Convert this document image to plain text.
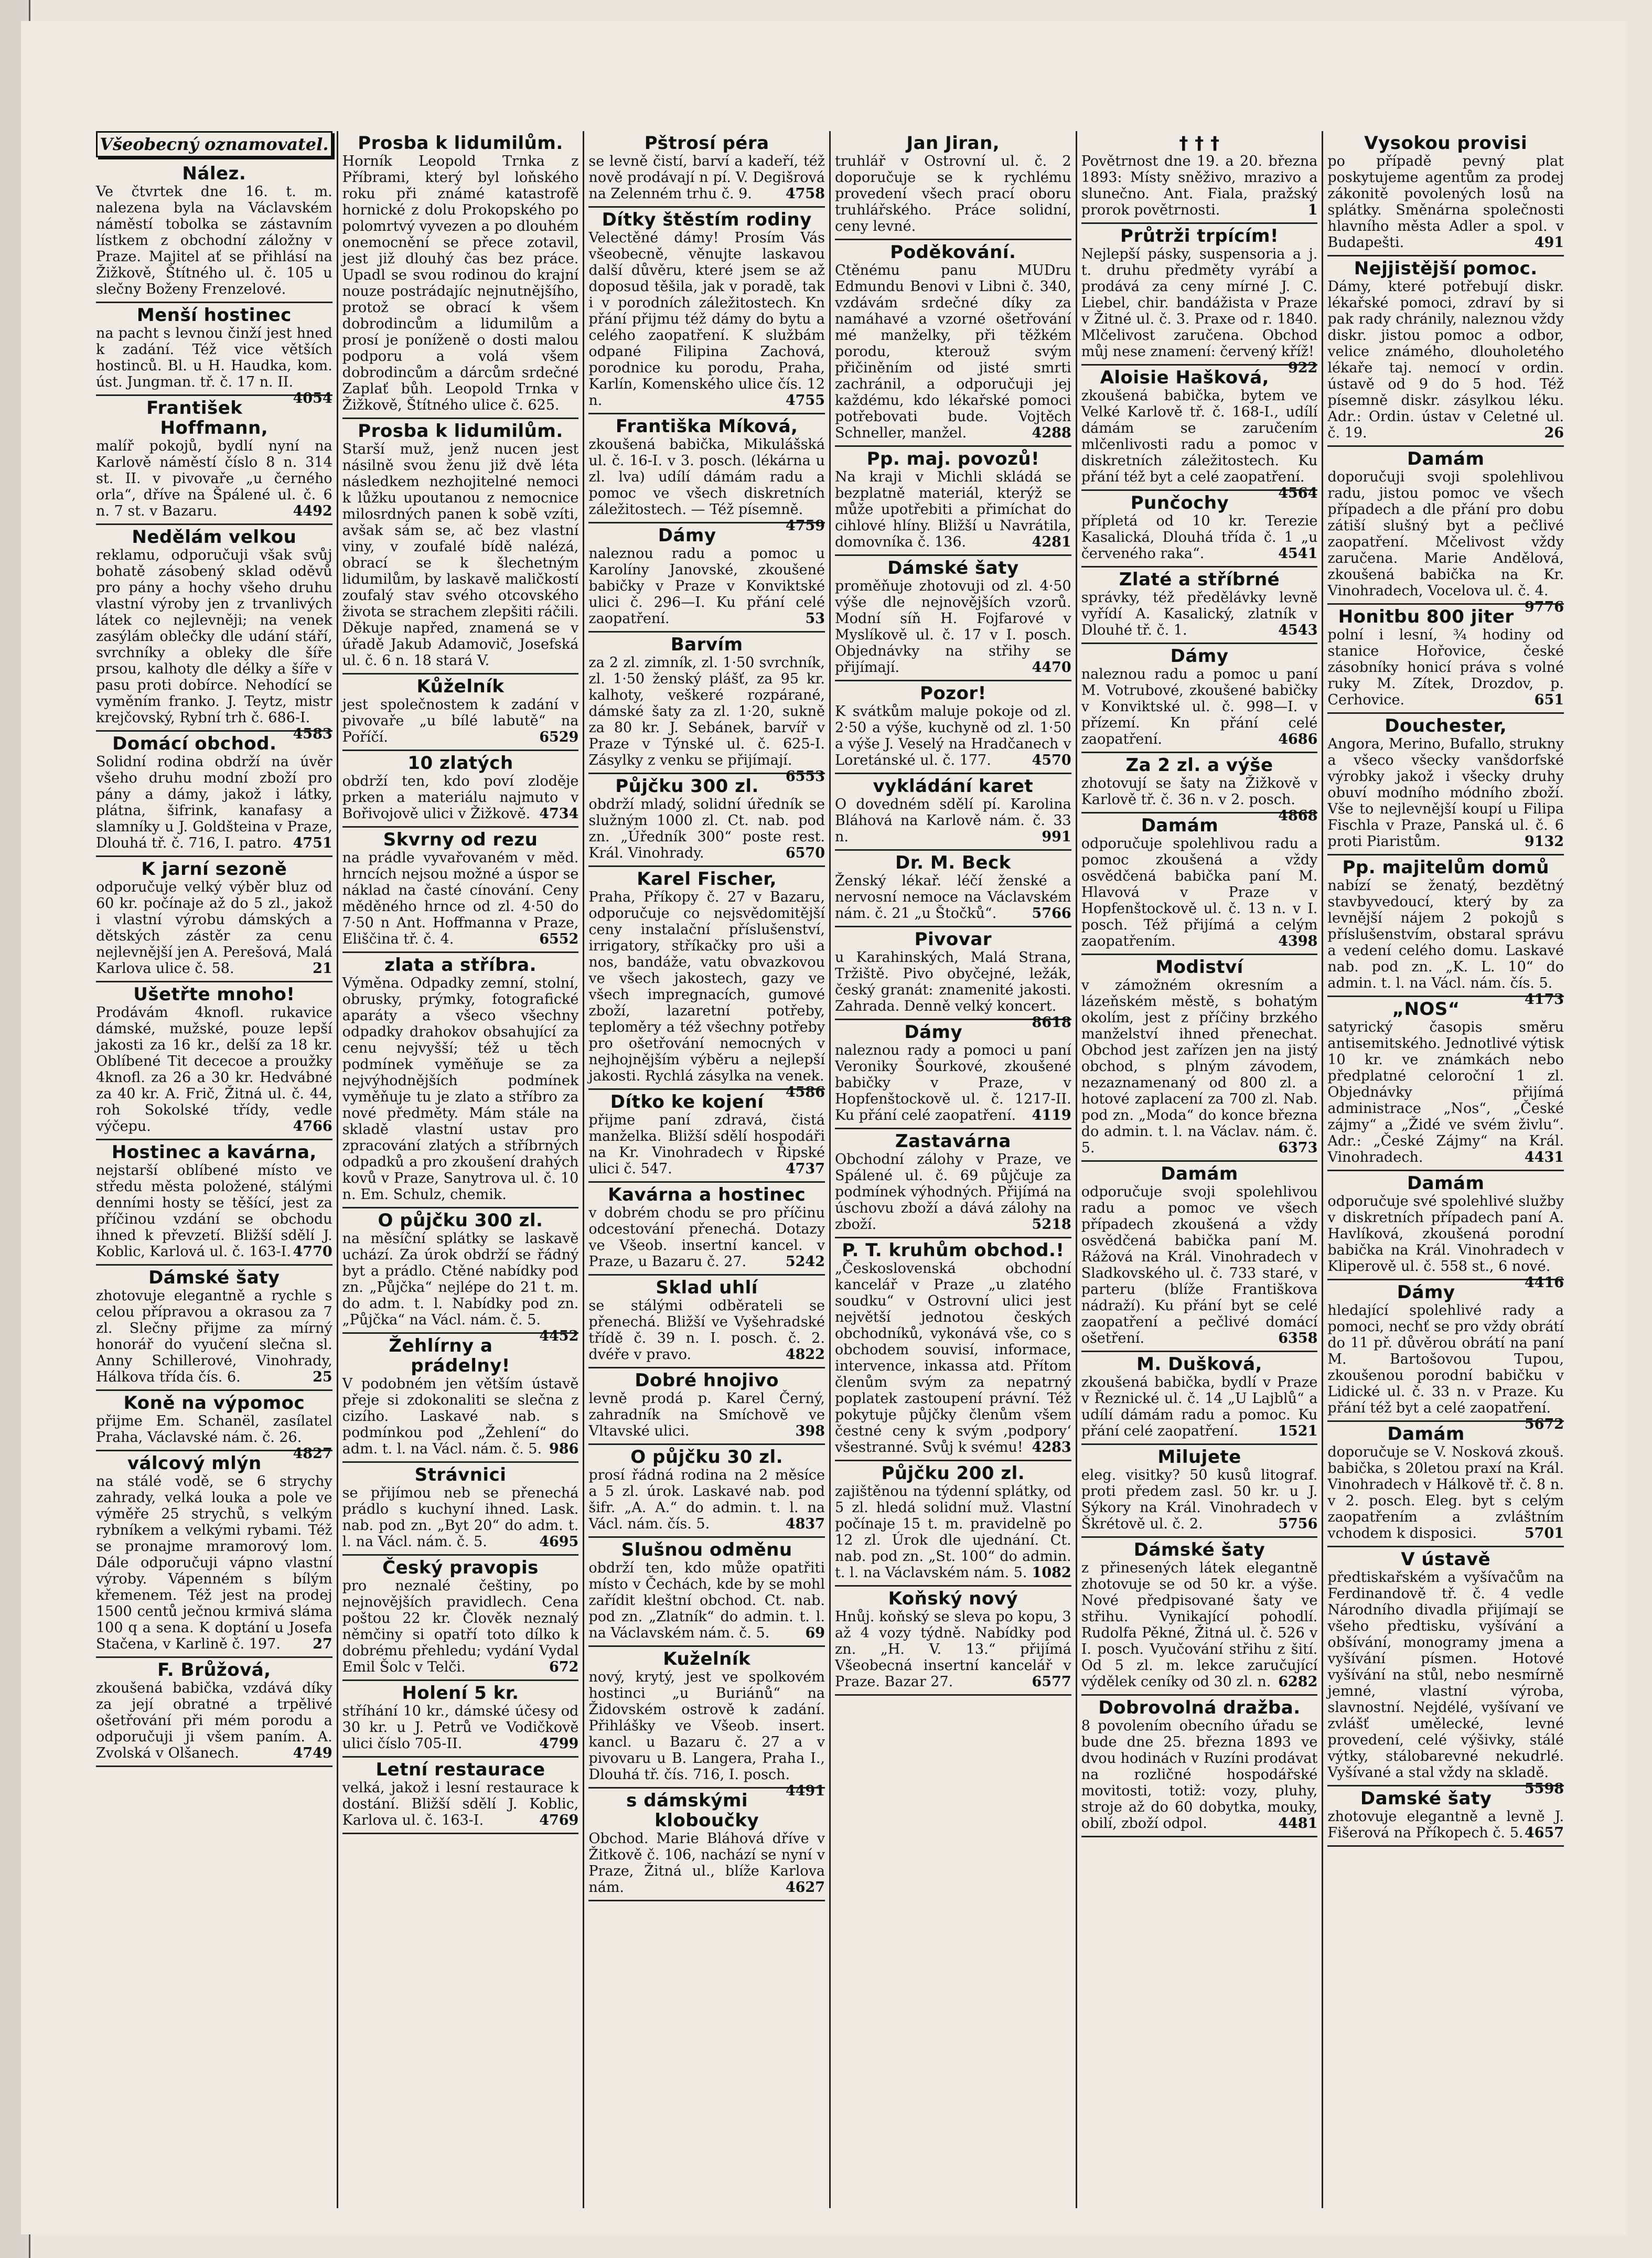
Všeobecný oznamovatel.
Nález.
Ve čtvrtek dne 16. t. m. nalezena byla na Václavském náměstí tobolka se zástavním lístkem z obchodní záložny v Praze. Majitel ať se přihlásí na Žižkově, Štítného ul. č. 105 u slečny Boženy Frenzelové.
Menší hostinec
na pacht s levnou činží jest hned k zadání. Též vice větších hostinců. Bl. u H. Haudka, kom. úst. Jungman. tř. č. 17 n. II.
4054
František Hoffmann,
malíř pokojů, bydlí nyní na Karlově náměstí číslo 8 n. 314 st. II. v pivovaře „u černého orla“, dříve na Špálené ul. č. 6 n. 7 st. v Bazaru.	4492
Nedělám velkou
reklamu, odporučuji však svůj bohatě zásobený sklad oděvů pro pány a hochy všeho druhu vlastní výroby jen z trvanlivých látek co nejlevněji; na venek zasýlám oblečky dle udání stáří, svrchníky a obleky dle šíře prsou, kalhoty dle délky a šíře v pasu proti dobírce. Nehodící se vyměním franko. J. Teytz, mistr krejčovský, Rybní trh č. 686-I.
4583
Domácí obchod.
Solidní rodina obdrží na úvěr všeho druhu modní zboží pro pány a dámy, jakož i látky, plátna, šifrink, kanafasy a slamníky u J. Goldšteina v Praze, Dlouhá tř. č. 716, I. patro. 4751
K jarní sezoně
odporučuje velký výběr bluz od 60 kr. počínaje až do 5 zl., jakož i vlastní výrobu dámských a dětských zástěr za cenu nejlevnější jen A. Perešová, Malá Karlova ulice č. 58.	21
Ušetřte mnoho!
Prodávám 4knofl. rukavice dámské, mužské, pouze lepší jakosti za 16 kr., delší za 18 kr. Oblíbené Tit dececoe a proužky 4knofl. za 26 a 30 kr. Hedvábné za 40 kr. A. Frič, Žitná ul. č. 44, roh Sokolské třídy, vedle výčepu.	4766
Hostinec a kavárna,
nejstarší oblíbené místo ve středu města položené, stálými denními hosty se těšící, jest za příčinou vzdání se obchodu ihned k převzetí. Bližší sdělí J. Koblic, Karlová ul. č. 163-I. 4770
Dámské šaty
zhotovuje elegantně a rychle s celou přípravou a okrasou za 7 zl. Slečny přijme za mírný honorář do vyučení slečna sl. Anny Schillerové, Vinohrady, Hálkova třída čís. 6.	25
Koně na výpomoc
přijme Em. Schanël, zasílatel Praha, Václavské nám. č. 26.
4827
válcový mlýn
na stálé vodě, se 6 strychy zahrady, velká louka a pole ve výměře 25 strychů, s velkým rybníkem a velkými rybami. Též se pronajme mramorový lom. Dále odporučuji vápno vlastní výroby. Vápenném s bílým křemenem. Též jest na prodej 1500 centů ječnou krmivá sláma 100 q a sena. K doptání u Josefa Stačena, v Karlině č. 197. 27
F. Brůžová,
zkoušená babička, vzdává díky za její obratné a trpělivé ošetřování při mém porodu a odporučuji ji všem paním. A. Zvolská v Olšanech.	4749
Prosba k lidumilům.
Horník Leopold Trnka z Příbrami, který byl loňského roku při známé katastrofě hornické z dolu Prokopského po polomrtvý vyvezen a po dlouhém onemocnění se přece zotavil, jest již dlouhý čas bez práce. Upadl se svou rodinou do krajní nouze postrádajíc nejnutnějšího, protož se obrací k všem dobrodincům a lidumilům a prosí je poníženě o dosti malou podporu a volá všem dobrodincům a dárcům srdečné Zaplať bůh. Leopold Trnka v Žižkově, Štítného ulice č. 625.
Prosba k lidumilům.
Starší muž, jenž nucen jest násilně svou ženu již dvě léta následkem nezhojitelné nemoci k lůžku upoutanou z nemocnice milosrdných panen k sobě vzíti, avšak sám se, ač bez vlastní viny, v zoufalé bídě nalézá, obrací se k šlechetným lidumilům, by laskavě maličkostí zoufalý stav svého otcovského života se strachem zlepšiti ráčili. Děkuje napřed, znamená se v úřadě Jakub Adamovič, Josefská ul. č. 6 n. 18 stará V.
Kůželník
jest společnostem k zadání v pivovaře „u bílé labutě“ na Poříčí.	6529
10 zlatých
obdrží ten, kdo poví zloděje prken a materiálu najmuto v Bořivojově ulici v Žižkově. 4734
Skvrny od rezu
na prádle vyvařovaném v měd. hrncích nejsou možné a úspor se náklad na časté cínování. Ceny měděného hrnce od zl. 4·50 do 7·50 n Ant. Hoffmanna v Praze, Eliščina tř. č. 4.	6552
zlata a stříbra.
Výměna. Odpadky zemní, stolní, obrusky, prýmky, fotografické aparáty a všeco všechny odpadky drahokov obsahující za cenu nejvyšší; též u těch podmínek vyměňuje se za nejvýhodnějších podmínek vyměňuje tu je zlato a stříbro za nové předměty. Mám stále na skladě vlastní ustav pro zpracování zlatých a stříbrných odpadků a pro zkoušení drahých kovů v Praze, Sanytrova ul. č. 10 n. Em. Schulz, chemik.
O půjčku 300 zl.
na měsíční splátky se laskavě uchází. Za úrok obdrží se řádný byt a prádlo. Ctěné nabídky pod zn. „Půjčka“ nejlépe do 21 t. m. do adm. t. l. Nabídky pod zn. „Půjčka“ na Václ. nám. č. 5.
4452
Žehlírny a prádelny!
V podobném jen větším ústavě přeje si zdokonaliti se slečna z cizího. Laskavé nab. s podmínkou pod „Žehlení“ do adm. t. l. na Václ. nám. č. 5. 986
Strávnici
se přijímou neb se přenechá prádlo s kuchyní ihned. Lask. nab. pod zn. „Byt 20“ do adm. t. l. na Václ. nám. č. 5.	4695
Český pravopis
pro neznalé češtiny, po nejnovějších pravidlech. Cena poštou 22 kr. Člověk neznalý němčiny si opatří toto dílko k dobrému přehledu; vydání Vydal Emil Šolc v Telči.	672
Holení 5 kr.
stříhání 10 kr., dámské účesy od 30 kr. u J. Petrů ve Vodičkově ulici číslo 705-II.	4799
Letní restaurace
velká, jakož i lesní restaurace k dostání. Bližší sdělí J. Koblic, Karlova ul. č. 163-I.	4769
Pštrosí péra
se levně čistí, barví a kadeří, též nově prodávají n pí. V. Degišrová na Zelenném trhu č. 9. 4758
Dítky štěstím rodiny
Velectěné dámy! Prosím Vás všeobecně, věnujte laskavou další důvěru, které jsem se až doposud těšila, jak v poradě, tak i v porodních záležitostech. Kn přání přijmu též dámy do bytu a celého zaopatření. K službám odpané Filipina Zachová, porodnice ku porodu, Praha, Karlín, Komenského ulice čís. 12 n.	4755
Františka Míková,
zkoušená babička, Mikulášská ul. č. 16-I. v 3. posch. (lékárna u zl. lva) udílí dámám radu a pomoc ve všech diskretních záležitostech. — Též písemně.
4759
Dámy
naleznou radu a pomoc u Karolíny Janovské, zkoušené babičky v Praze v Konviktské ulici č. 296—I. Ku přání celé zaopatření.	53
Barvím
za 2 zl. zimník, zl. 1·50 svrchník, zl. 1·50 ženský plášť, za 95 kr. kalhoty, veškeré rozpárané, dámské šaty za zl. 1·20, sukně za 80 kr. J. Sebánek, barvíř v Praze v Týnské ul. č. 625-I. Zásylky z venku se přijímají.
6553
Půjčku 300 zl.
obdrží mladý, solidní úředník se služným 1000 zl. Ct. nab. pod zn. „Úředník 300“ poste rest. Král. Vinohrady.	6570
Karel Fischer,
Praha, Příkopy č. 27 v Bazaru, odporučuje co nejsvědomitější ceny instalační příslušenství, irrigatory, stříkačky pro uši a nos, bandáže, vatu obvazkovou ve všech jakostech, gazy ve všech impregnacích, gumové zboží, lazaretní potřeby, teploměry a též všechny potřeby pro ošetřování nemocných v nejhojnějším výběru a nejlepší jakosti. Rychlá zásylka na venek.
4586
Dítko ke kojení
přijme paní zdravá, čistá manželka. Bližší sdělí hospodáři na Kr. Vinohradech v Řipské ulici č. 547.	4737
Kavárna a hostinec
v dobrém chodu se pro příčinu odcestování přenechá. Dotazy ve Všeob. insertní kancel. v Praze, u Bazaru č. 27.	5242
Sklad uhlí
se stálými odběrateli se přenechá. Bližší ve Vyšehradské třídě č. 39 n. I. posch. č. 2. dvéře v pravo.	4822
Dobré hnojivo
levně prodá p. Karel Černý, zahradník na Smíchově ve Vltavské ulici.	398
O půjčku 30 zl.
prosí řádná rodina na 2 měsíce a 5 zl. úrok. Laskavé nab. pod šifr. „A. A.“ do admin. t. l. na Václ. nám. čís. 5.	4837
Slušnou odměnu
obdrží ten, kdo může opatřiti místo v Čechách, kde by se mohl zařídit kleštní obchod. Ct. nab. pod zn. „Zlatník“ do admin. t. l. na Václavském nám. č. 5.	69
Kuželník
nový, krytý, jest ve spolkovém hostinci „u Buriánů“ na Židovském ostrově k zadání. Přihlášky ve Všeob. insert. kancl. u Bazaru č. 27 a v pivovaru u B. Langera, Praha I., Dlouhá tř. čís. 716, I. posch.
4491
s dámskými kloboučky
Obchod. Marie Bláhová dříve v Žitkově č. 106, nachází se nyní v Praze, Žitná ul., blíže Karlova nám.	4627
Jan Jiran,
truhlář v Ostrovní ul. č. 2 doporučuje se k rychlému provedení všech prací oboru truhlářského. Práce solidní, ceny levné.
Poděkování.
Ctěnému panu MUDru Edmundu Benovi v Libni č. 340, vzdávám srdečné díky za namáhavé a vzorné ošetřování mé manželky, při těžkém porodu, kterouž svým přičiněním od jisté smrti zachránil, a odporučuji jej každému, kdo lékařské pomoci potřebovati bude. Vojtěch Schneller, manžel.	4288
Pp. maj. povozů!
Na kraji v Michli skládá se bezplatně materiál, kterýž se může upotřebiti a přimíchat do cihlové hlíny. Bližší u Navrátila, domovníka č. 136.	4281
Dámské šaty
proměňuje zhotovuji od zl. 4·50 výše dle nejnovějších vzorů. Modní síň H. Fojfarové v Myslíkově ul. č. 17 v I. posch. Objednávky na střihy se přijímají.	4470
Pozor!
K svátkům maluje pokoje od zl. 2·50 a výše, kuchyně od zl. 1·50 a výše J. Veselý na Hradčanech v Loretánské ul. č. 177.	4570
vykládání karet
O dovedném sdělí pí. Karolina Bláhová na Karlově nám. č. 33 n.	991
Dr. M. Beck
Ženský lékař. léčí ženské a nervosní nemoce na Václavském nám. č. 21 „u Štočků“. 5766
Pivovar
u Karahinských, Malá Strana, Tržiště. Pivo obyčejné, ležák, český granát: znamenité jakosti. Zahrada. Denně velký koncert.
8618
Dámy
naleznou rady a pomoci u paní Veroniky Šourkové, zkoušené babičky v Praze, v Hopfenštockově ul. č. 1217-II. Ku přání celé zaopatření. 4119
Zastavárna
Obchodní zálohy v Praze, ve Spálené ul. č. 69 půjčuje za podmínek výhodných. Přijímá na úschovu zboží a dává zálohy na zboží.	5218
P. T. kruhům obchod.!
„Československá obchodní kancelář v Praze „u zlatého soudku“ v Ostrovní ulici jest největší jednotou českých obchodníků, vykonává vše, co s obchodem souvisí, informace, intervence, inkassa atd. Přítom členům svým za nepatrný poplatek zastoupení právní. Též pokytuje půjčky členům všem čestné ceny k svým ‚podpory‘ všestranné. Svůj k svému! 4283
Půjčku 200 zl.
zajištěnou na týdenní splátky, od 5 zl. hledá solidní muž. Vlastní počínaje 15 t. m. pravidelně po 12 zl. Úrok dle ujednání. Ct. nab. pod zn. „St. 100“ do admin. t. l. na Václavském nám. 5. 1082
Koňský nový
Hnůj. koňský se sleva po kopu, 3 až 4 vozy týdně. Nabídky pod zn. „H. V. 13.“ přijímá Všeobecná insertní kancelář v Praze. Bazar 27.	6577
† † †
Povětrnost dne 19. a 20. března 1893: Místy sněživo, mrazivo a slunečno. Ant. Fiala, pražský prorok povětrnosti.	1
Průtrži trpícím!
Nejlepší pásky, suspensoria a j. t. druhu předměty vyrábí a prodává za ceny mírné J. C. Liebel, chir. bandážista v Praze v Žitné ul. č. 3. Praxe od r. 1840. Mlčelivost zaručena. Obchod můj nese znamení: červený kříž!
922
Aloisie Hašková,
zkoušená babička, bytem ve Velké Karlově tř. č. 168-I., udílí dámám se zaručením mlčenlivosti radu a pomoc v diskretních záležitostech. Ku přání též byt a celé zaopatření.
4564
Punčochy
přípletá od 10 kr. Terezie Kasalická, Dlouhá třída č. 1 „u červeného raka“.	4541
Zlaté a stříbrné
správky, též předělávky levně vyřídí A. Kasalický, zlatník v Dlouhé tř. č. 1.	4543
Dámy
naleznou radu a pomoc u paní M. Votrubové, zkoušené babičky v Konviktské ul. č. 998—I. v přízemí. Kn přání celé zaopatření.	4686
Za 2 zl. a výše
zhotovují se šaty na Žižkově v Karlově tř. č. 36 n. v 2. posch.
4868
Damám
odporučuje spolehlivou radu a pomoc zkoušená a vždy osvědčená babička paní M. Hlavová v Praze v Hopfenštockově ul. č. 13 n. v I. posch. Též přijímá a celým zaopatřením.	4398
Modiství
v zámožném okresním a lázeňském městě, s bohatým okolím, jest z příčiny brzkého manželství ihned přenechat. Obchod jest zařízen jen na jistý obchod, s plným závodem, nezaznamenaný od 800 zl. a hotové zaplacení za 700 zl. Nab. pod zn. „Moda“ do konce března do admin. t. l. na Václav. nám. č. 5.	6373
Damám
odporučuje svoji spolehlivou radu a pomoc ve všech případech zkoušená a vždy osvědčená babička paní M. Rážová na Král. Vinohradech v Sladkovského ul. č. 733 staré, v parteru (blíže Františkova nádraží). Ku přání byt se celé zaopatření a pečlivé domácí ošetření.	6358
M. Dušková,
zkoušená babička, bydlí v Praze v Řeznické ul. č. 14 „U Lajblů“ a udílí dámám radu a pomoc. Ku přání celé zaopatření.	1521
Milujete
eleg. visitky? 50 kusů litograf. proti předem zasl. 50 kr. u J. Sýkory na Král. Vinohradech v Škrétově ul. č. 2.	5756
Dámské šaty
z přinesených látek elegantně zhotovuje se od 50 kr. a výše. Nové předpisované šaty ve střihu. Vynikající pohodlí. Rudolfa Pěkné, Žitná ul. č. 526 v I. posch. Vyučování střihu z šití. Od 5 zl. m. lekce zaručující výdělek ceníky od 30 zl. n. 6282
Dobrovolná dražba.
8 povolením obecního úřadu se bude dne 25. března 1893 ve dvou hodinách v Ruzíni prodávat na rozličné hospodářské movitosti, totiž: vozy, pluhy, stroje až do 60 dobytka, mouky, obilí, zboží odpol.	4481
Vysokou provisi
po případě pevný plat poskytujeme agentům za prodej zákonitě povolených losů na splátky. Směnárna společnosti hlavního města Adler a spol. v Budapešti.	491
Nejjistější pomoc.
Dámy, které potřebují diskr. lékařské pomoci, zdraví by si pak rady chránily, naleznou vždy diskr. jistou pomoc a odbor, velice známého, dlouholetého lékaře taj. nemocí v ordin. ústavě od 9 do 5 hod. Též písemně diskr. zásylkou léku. Adr.: Ordin. ústav v Celetné ul. č. 19.	26
Damám
doporučuji svoji spolehlivou radu, jistou pomoc ve všech případech a dle přání pro dobu zátiší slušný byt a pečlivé zaopatření. Mčelivost vždy zaručena. Marie Andělová, zkoušená babička na Kr. Vinohradech, Vocelova ul. č. 4.
9776
Honitbu 800 jiter
polní i lesní, ¾ hodiny od stanice Hořovice, české zásobníky honicí práva s volné ruky M. Zítek, Drozdov, p. Cerhovice.	651
Douchester,
Angora, Merino, Bufallo, strukny a všeco všecky vanšdorfské výrobky jakož i všecky druhy obuví modního módního zboží. Vše to nejlevnější koupí u Filipa Fischla v Praze, Panská ul. č. 6 proti Piaristům.	9132
Pp. majitelům domů
nabízí se ženatý, bezdětný stavbyvedoucí, který by za levnější nájem 2 pokojů s příslušenstvím, obstaral správu a vedení celého domu. Laskavé nab. pod zn. „K. L. 10“ do admin. t. l. na Václ. nám. čís. 5.
4173
„NOS“
satyrický časopis směru antisemitského. Jednotlivé výtisk 10 kr. ve známkách nebo předplatné celoroční 1 zl. Objednávky přijímá administrace „Nos“, „České zájmy“ a „Židé ve svém živlu“. Adr.: „České Zájmy“ na Král. Vinohradech.	4431
Damám
odporučuje své spolehlivé služby v diskretních případech paní A. Havlíková, zkoušená porodní babička na Král. Vinohradech v Kliperově ul. č. 558 st., 6 nové.
4416
Dámy
hledající spolehlivé rady a pomoci, nechť se pro vždy obrátí do 11 př. důvěrou obrátí na paní M. Bartošovou Tupou, zkoušenou porodní babičku v Lidické ul. č. 33 n. v Praze. Ku přání též byt a celé zaopatření.
5672
Damám
doporučuje se V. Nosková zkouš. babička, s 20letou praxí na Král. Vinohradech v Hálkově tř. č. 8 n. v 2. posch. Eleg. byt s celým zaopatřením a zvláštním vchodem k disposici.	5701
V ústavě
předtiskařském a vyšívačům na Ferdinandově tř. č. 4 vedle Národního divadla přijímají se všeho předtisku, vyšívání a obšívání, monogramy jmena a vyšívání písmen. Hotové vyšívání na stůl, nebo nesmírně jemné, vlastní výroba, slavnostní. Nejdélé, vyšívaní ve zvlášť umělecké, levné provedení, celé výšivky, stálé výtky, stálobarevné nekudrlé. Vyšívané a stal vždy na skladě.
5598
Damské šaty
zhotovuje elegantně a levně J. Fišerová na Příkopech č. 5. 4657
